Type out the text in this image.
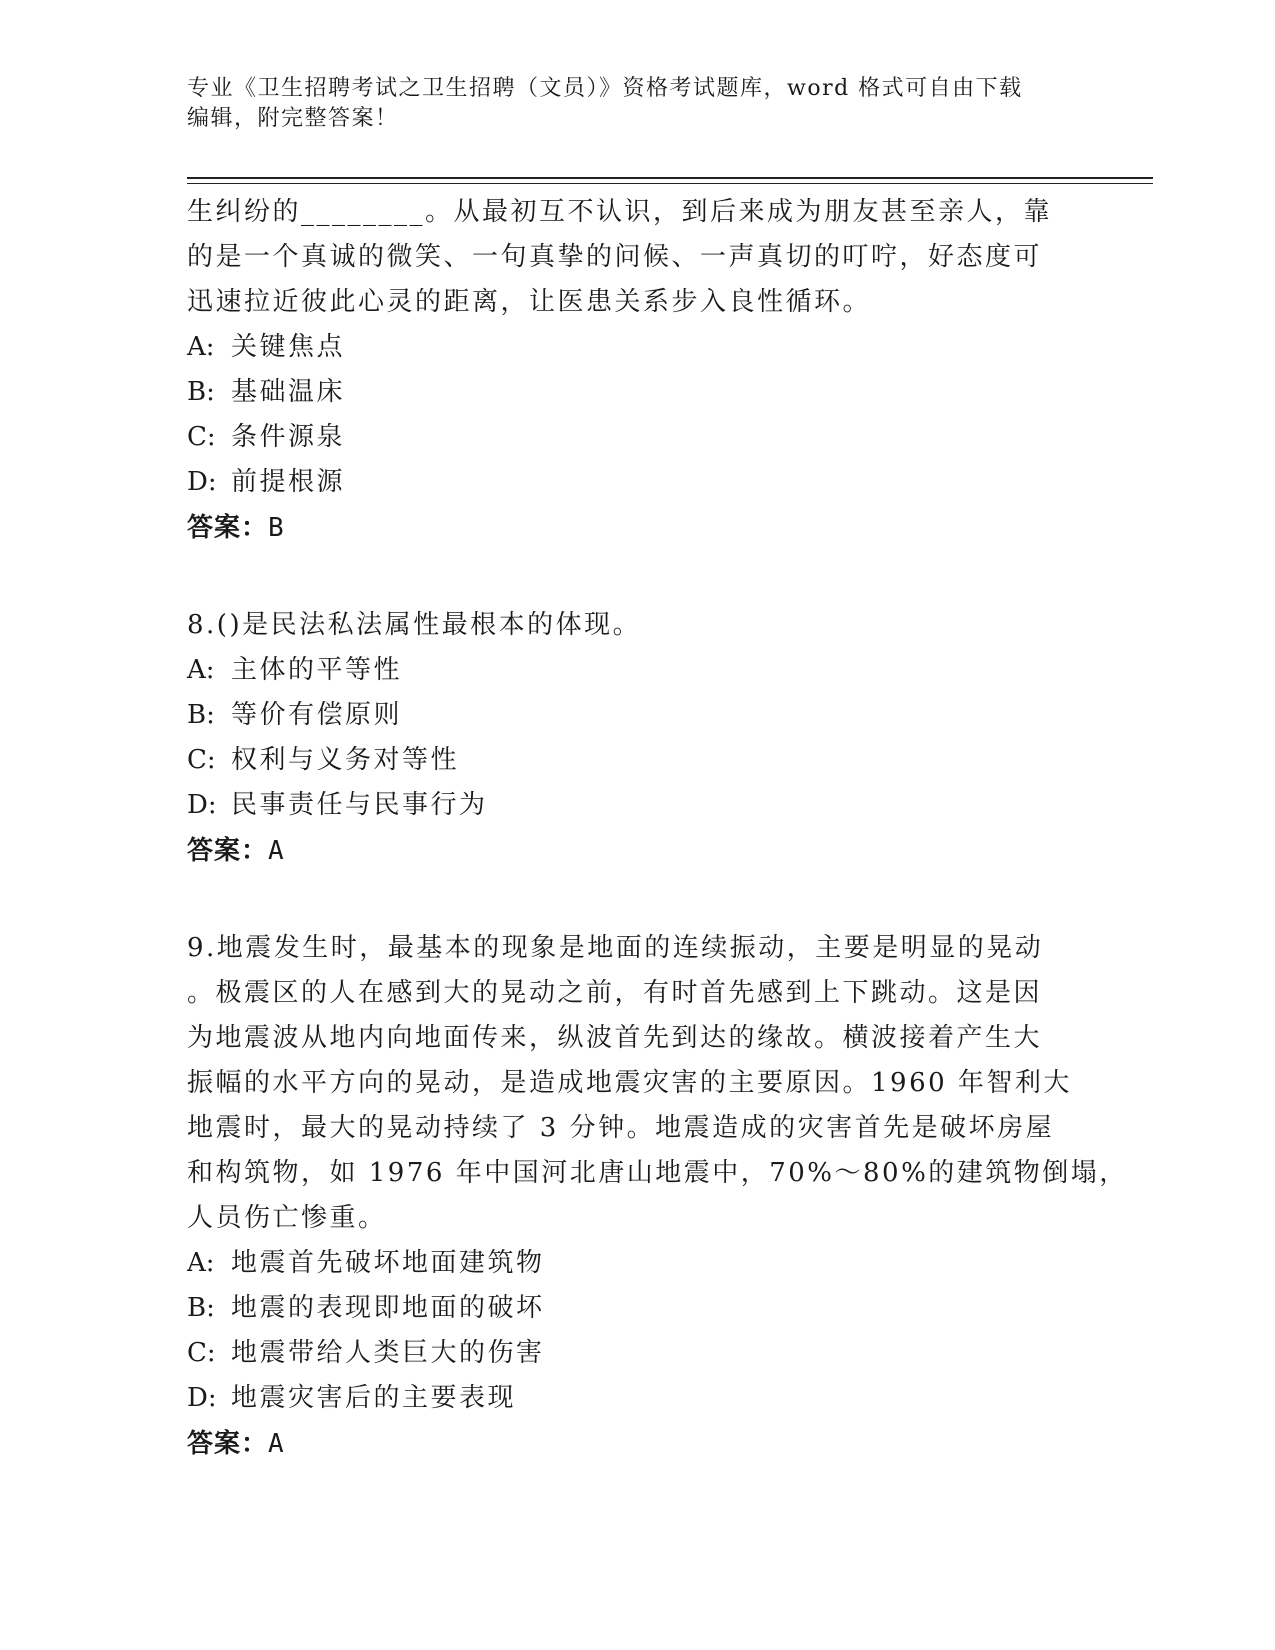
专业《卫生招聘考试之卫生招聘（文员）》资格考试题库，word 格式可自由下载
编辑，附完整答案！
生纠纷的________。从最初互不认识，到后来成为朋友甚至亲人，靠
的是一个真诚的微笑、一句真挚的问候、一声真切的叮咛，好态度可
迅速拉近彼此心灵的距离，让医患关系步入良性循环。
A: 关键焦点
B: 基础温床
C: 条件源泉
D: 前提根源
答案：B
8.()是民法私法属性最根本的体现。
A: 主体的平等性
B: 等价有偿原则
C: 权利与义务对等性
D: 民事责任与民事行为
答案：A
9.地震发生时，最基本的现象是地面的连续振动，主要是明显的晃动
。极震区的人在感到大的晃动之前，有时首先感到上下跳动。这是因
为地震波从地内向地面传来，纵波首先到达的缘故。横波接着产生大
振幅的水平方向的晃动，是造成地震灾害的主要原因。1960 年智利大
地震时，最大的晃动持续了 3 分钟。地震造成的灾害首先是破坏房屋
和构筑物，如 1976 年中国河北唐山地震中，70%～80%的建筑物倒塌，
人员伤亡惨重。
A: 地震首先破坏地面建筑物
B: 地震的表现即地面的破坏
C: 地震带给人类巨大的伤害
D: 地震灾害后的主要表现
答案：A
